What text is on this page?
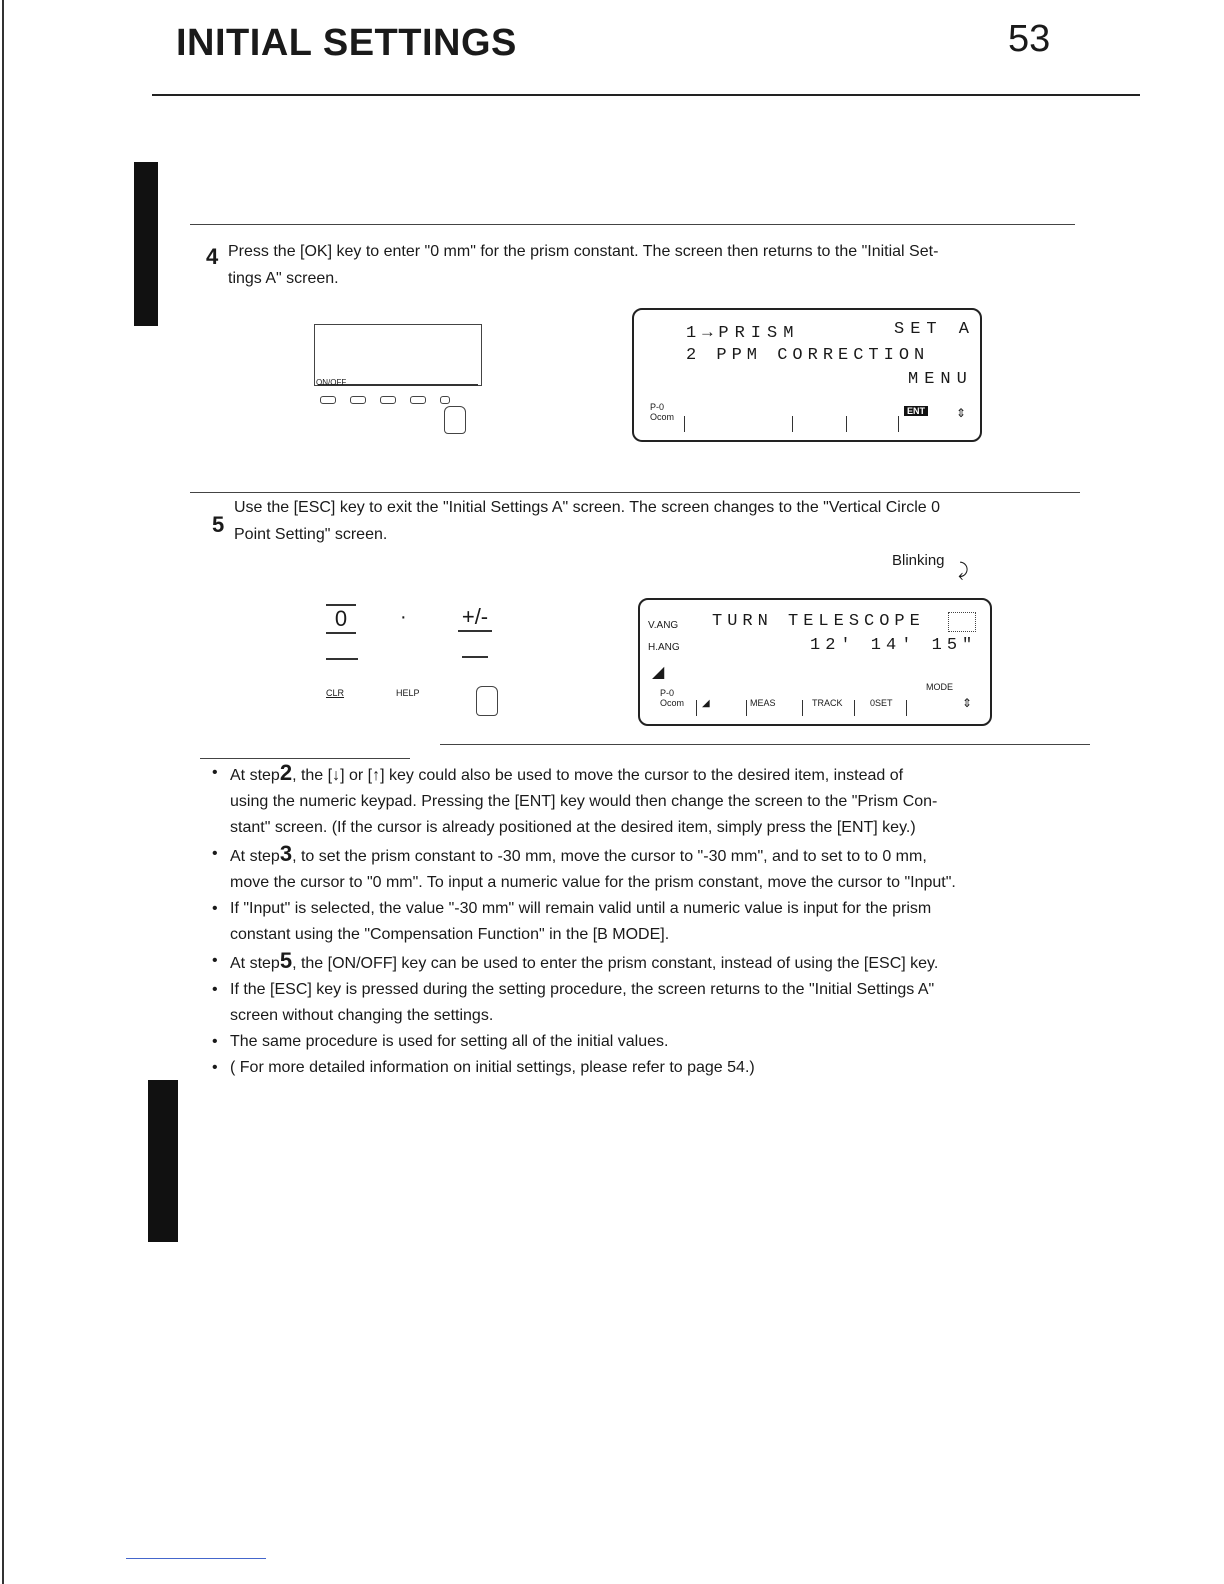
INITIAL SETTINGS	53
4 Press the [OK] key to enter "0 mm" for the prism constant. The screen then returns to the "Initial Set-
tings A" screen.
ON/OFF
1→PRISM	SET A
2 PPM CORRECTION
MENU
P-0
Ocom
ENT	⇕
5
Use the [ESC] key to exit the "Initial Settings A" screen. The screen changes to the "Vertical Circle 0
Point Setting" screen.
Blinking ⤸
0	·	+/-
CLR	HELP
V.ANG
H.ANG
TURN TELESCOPE
12' 14' 15"
◢
MODE
P-0
Ocom ◢	MEAS	TRACK	0SET	⇕
• At step2, the [↓] or [↑] key could also be used to move the cursor to the desired item, instead of
using the numeric keypad. Pressing the [ENT] key would then change the screen to the "Prism Con-
stant" screen. (If the cursor is already positioned at the desired item, simply press the [ENT] key.)
• At step3, to set the prism constant to -30 mm, move the cursor to "-30 mm", and to set to to 0 mm,
move the cursor to "0 mm". To input a numeric value for the prism constant, move the cursor to "Input".
• If "Input" is selected, the value "-30 mm" will remain valid until a numeric value is input for the prism
constant using the "Compensation Function" in the [B MODE].
• At step5, the [ON/OFF] key can be used to enter the prism constant, instead of using the [ESC] key.
• If the [ESC] key is pressed during the setting procedure, the screen returns to the "Initial Settings A"
screen without changing the settings.
• The same procedure is used for setting all of the initial values.
• ( For more detailed information on initial settings, please refer to page 54.)
